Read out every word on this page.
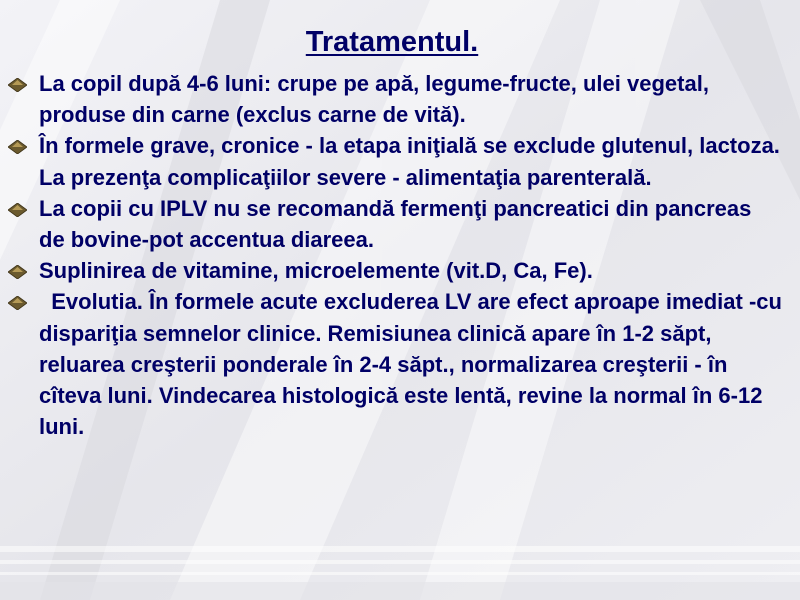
Tratamentul.
La copil după 4-6 luni: crupe pe apă, legume-fructe, ulei vegetal, produse din carne (exclus carne de vită).
În formele grave, cronice - la etapa iniţială se exclude glutenul, lactoza. La prezenţa complicaţiilor severe - alimentaţia parenterală.
La copii cu IPLV nu se recomandă fermenţi pancreatici din pancreas de bovine-pot accentua diareea.
Suplinirea de vitamine, microelemente (vit.D, Ca, Fe).
Evolutia. În formele acute excluderea LV are efect aproape imediat -cu dispariţia semnelor clinice. Remisiunea clinică apare în 1-2 săpt, reluarea creşterii ponderale în 2-4 săpt., normalizarea creşterii - în cîteva luni. Vindecarea histologică este lentă, revine la normal în 6-12 luni.
